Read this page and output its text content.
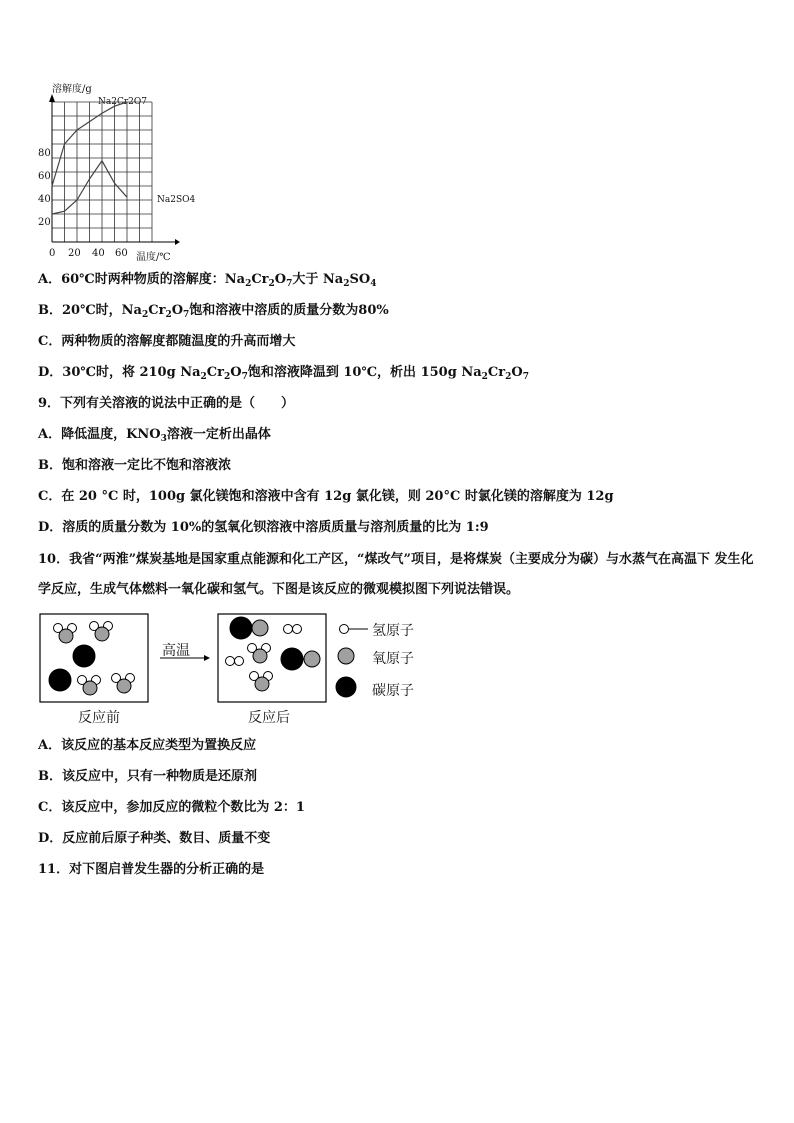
溶解度/g
Na2Cr2O7
Na2SO4
80
60
40
20
0 20 40 60 温度/℃
A．60℃时两种物质的溶解度：$Na_2Cr_2O_7$大于 $Na_2SO_4$
B．20℃时，$Na_2Cr_2O_7$饱和溶液中溶质的质量分数为80%
C．两种物质的溶解度都随温度的升高而增大
D．30℃时，将 210g $Na_2Cr_2O_7$饱和溶液降温到 10℃，析出 150g $Na_2Cr_2O_7$
9．下列有关溶液的说法中正确的是（　　）
A．降低温度，$KNO_3$溶液一定析出晶体
B．饱和溶液一定比不饱和溶液浓
C．在 20 °C 时，100g 氯化镁饱和溶液中含有 12g 氯化镁，则 20°C 时氯化镁的溶解度为 12g
D．溶质的质量分数为 10%的氢氧化钡溶液中溶质质量与溶剂质量的比为 1:9
10．我省“两淮”煤炭基地是国家重点能源和化工产区，“煤改气”项目，是将煤炭（主要成分为碳）与水蒸气在高温下 发生化学反应，生成气体燃料一氧化碳和氢气。下图是该反应的微观模拟图下列说法错误。
高温
反应前	反应后
氢原子
氧原子
碳原子
A．该反应的基本反应类型为置换反应
B．该反应中，只有一种物质是还原剂
C．该反应中，参加反应的微粒个数比为 2：1
D．反应前后原子种类、数目、质量不变
11．对下图启普发生器的分析正确的是
